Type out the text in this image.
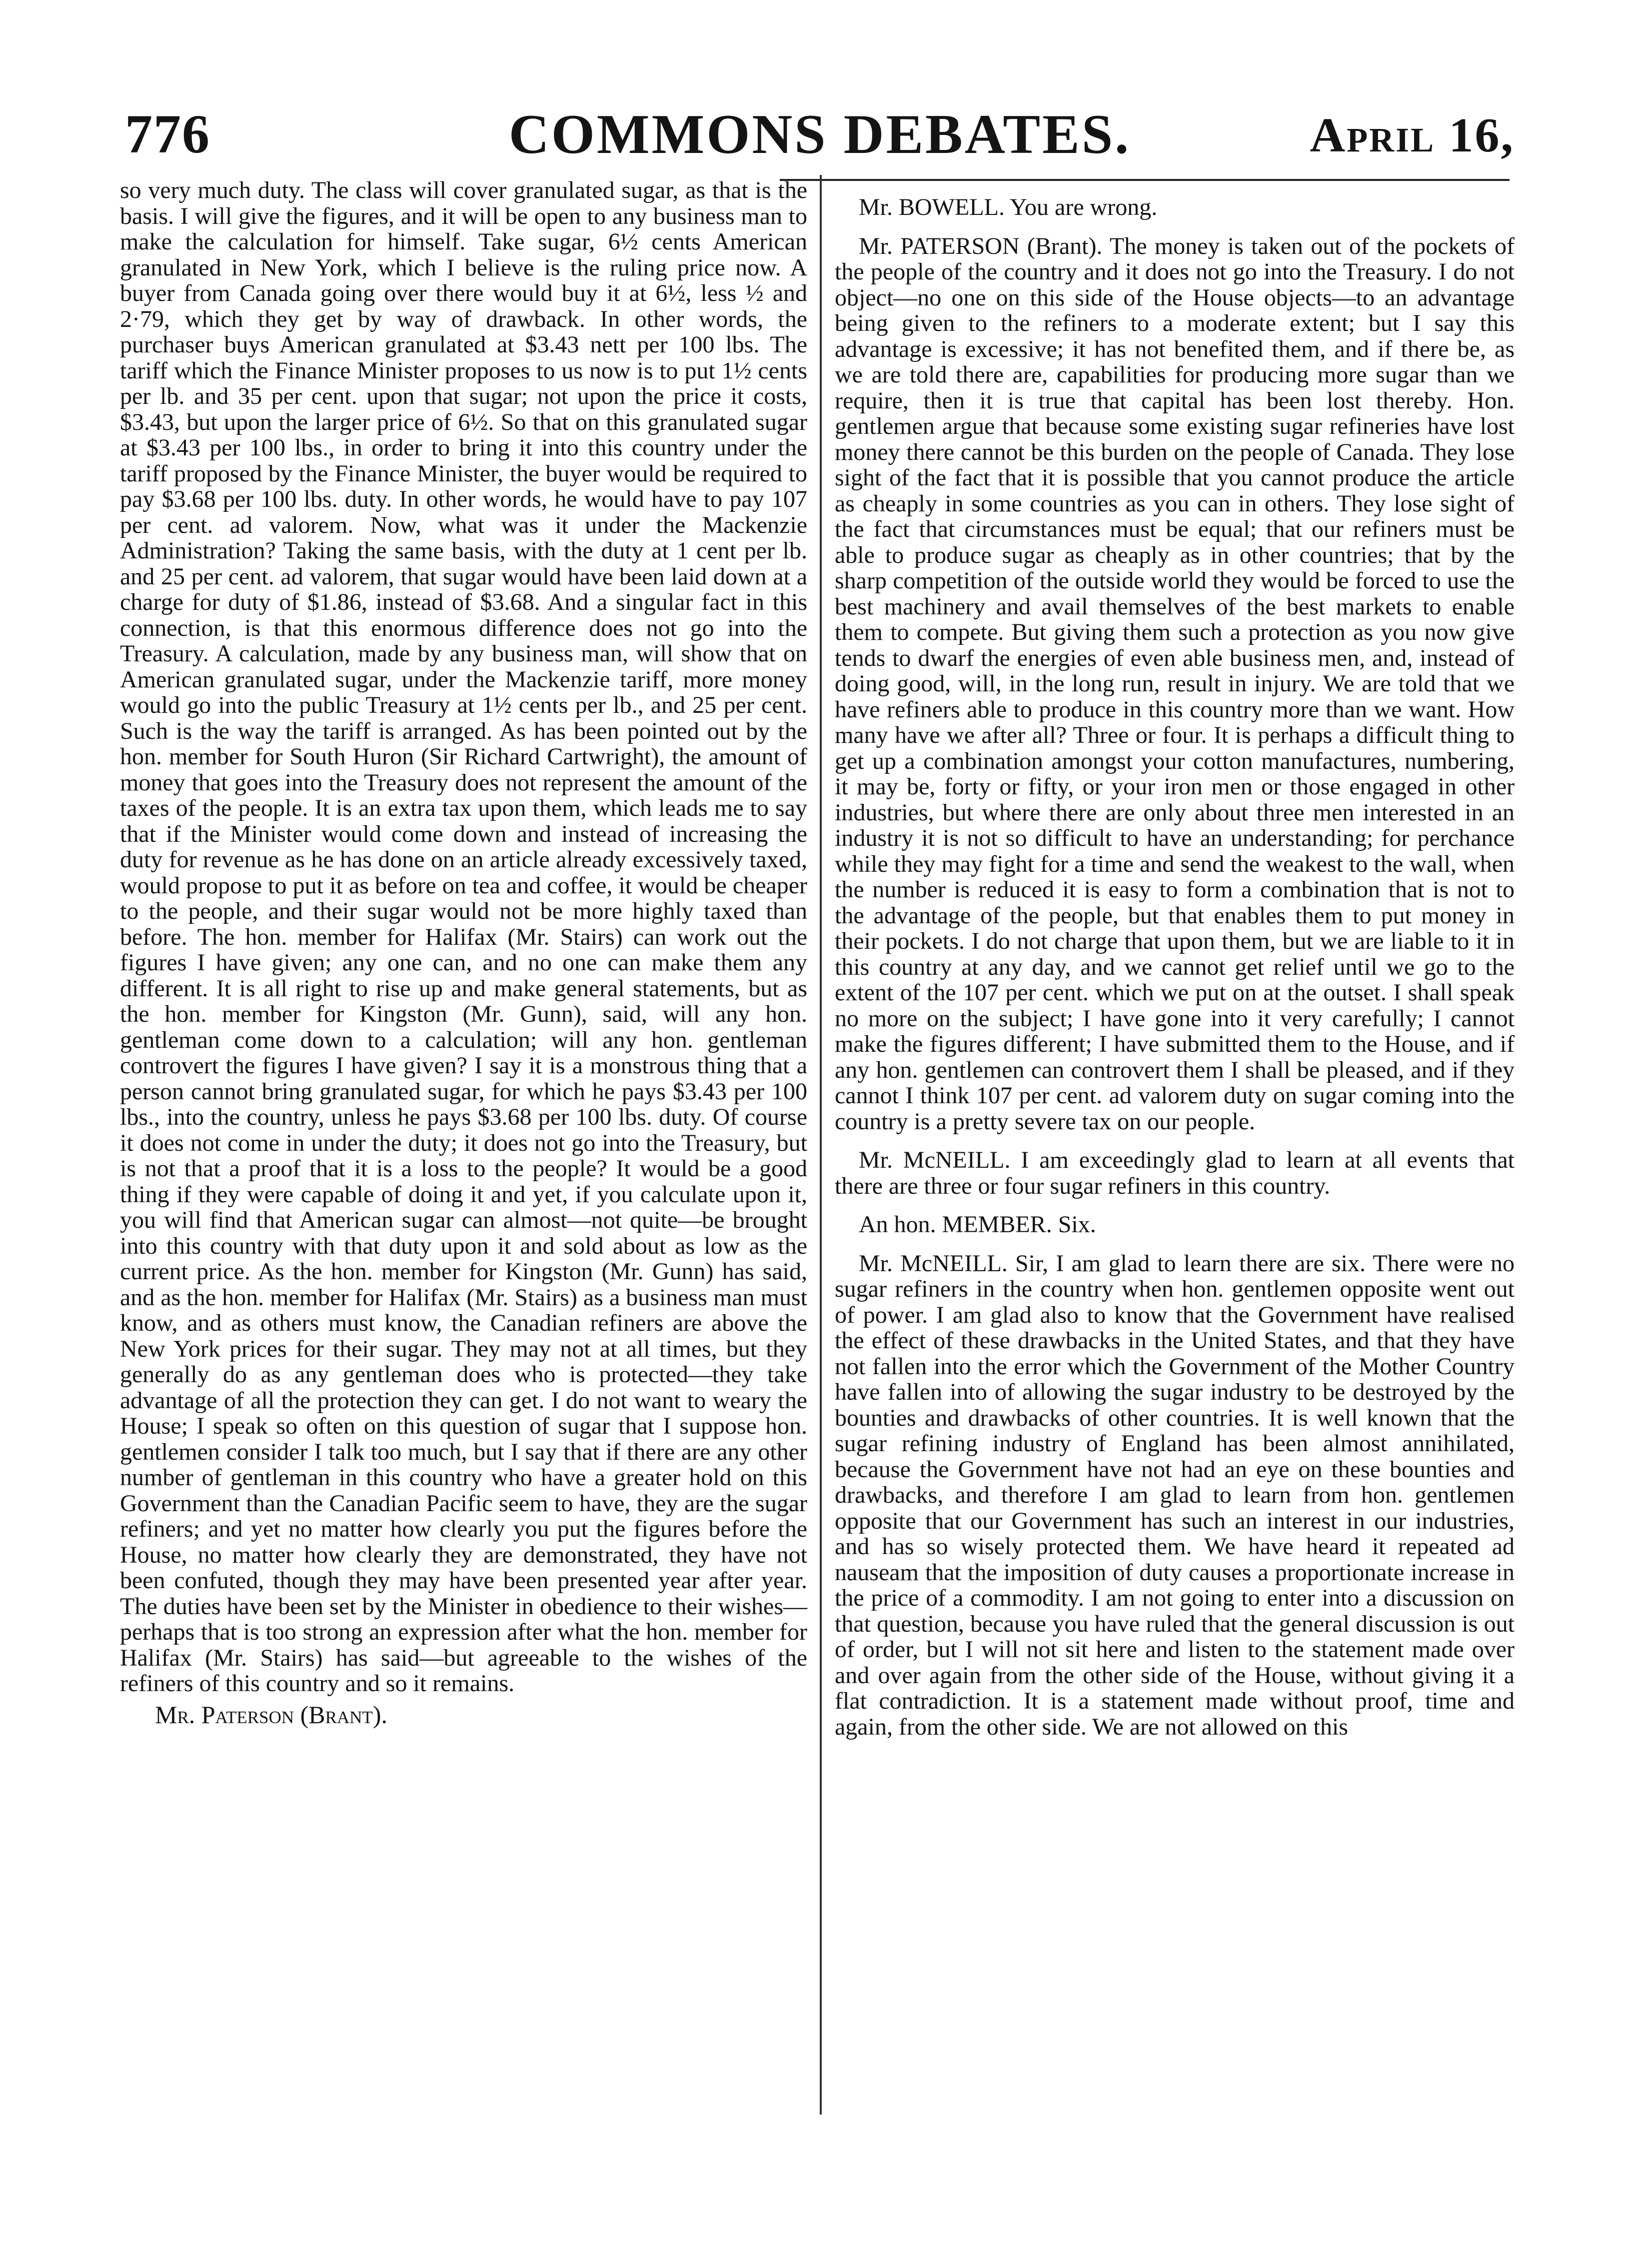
776	COMMONS DEBATES.	April 16,

so very much duty. The class will cover granulated sugar, as that is the basis. I will give the figures, and it will be open to any business man to make the calculation for himself. Take sugar, 6½ cents American granulated in New York, which I believe is the ruling price now. A buyer from Canada going over there would buy it at 6½, less ½ and 2·79, which they get by way of drawback. In other words, the purchaser buys American granulated at $3.43 nett per 100 lbs. The tariff which the Finance Minister proposes to us now is to put 1½ cents per lb. and 35 per cent. upon that sugar; not upon the price it costs, $3.43, but upon the larger price of 6½. So that on this granulated sugar at $3.43 per 100 lbs., in order to bring it into this country under the tariff proposed by the Finance Minister, the buyer would be required to pay $3.68 per 100 lbs. duty. In other words, he would have to pay 107 per cent. ad valorem. Now, what was it under the Mackenzie Administration? Taking the same basis, with the duty at 1 cent per lb. and 25 per cent. ad valorem, that sugar would have been laid down at a charge for duty of $1.86, instead of $3.68. And a singular fact in this connection, is that this enormous difference does not go into the Treasury. A calculation, made by any business man, will show that on American granulated sugar, under the Mackenzie tariff, more money would go into the public Treasury at 1½ cents per lb., and 25 per cent. Such is the way the tariff is arranged. As has been pointed out by the hon. member for South Huron (Sir Richard Cartwright), the amount of money that goes into the Treasury does not represent the amount of the taxes of the people. It is an extra tax upon them, which leads me to say that if the Minister would come down and instead of increasing the duty for revenue as he has done on an article already excessively taxed, would propose to put it as before on tea and coffee, it would be cheaper to the people, and their sugar would not be more highly taxed than before. The hon. member for Halifax (Mr. Stairs) can work out the figures I have given; any one can, and no one can make them any different. It is all right to rise up and make general statements, but as the hon. member for Kingston (Mr. Gunn), said, will any hon. gentleman come down to a calculation; will any hon. gentleman controvert the figures I have given? I say it is a monstrous thing that a person cannot bring granulated sugar, for which he pays $3.43 per 100 lbs., into the country, unless he pays $3.68 per 100 lbs. duty. Of course it does not come in under the duty; it does not go into the Treasury, but is not that a proof that it is a loss to the people? It would be a good thing if they were capable of doing it and yet, if you calculate upon it, you will find that American sugar can almost—not quite—be brought into this country with that duty upon it and sold about as low as the current price. As the hon. member for Kingston (Mr. Gunn) has said, and as the hon. member for Halifax (Mr. Stairs) as a business man must know, and as others must know, the Canadian refiners are above the New York prices for their sugar. They may not at all times, but they generally do as any gentleman does who is protected—they take advantage of all the protection they can get. I do not want to weary the House; I speak so often on this question of sugar that I suppose hon. gentlemen consider I talk too much, but I say that if there are any other number of gentleman in this country who have a greater hold on this Government than the Canadian Pacific seem to have, they are the sugar refiners; and yet no matter how clearly you put the figures before the House, no matter how clearly they are demonstrated, they have not been confuted, though they may have been presented year after year. The duties have been set by the Minister in obedience to their wishes—perhaps that is too strong an expression after what the hon. member for Halifax (Mr. Stairs) has said—but agreeable to the wishes of the refiners of this country and so it remains.

Mr. Paterson (Brant).

Mr. BOWELL. You are wrong.

Mr. PATERSON (Brant). The money is taken out of the pockets of the people of the country and it does not go into the Treasury. I do not object—no one on this side of the House objects—to an advantage being given to the refiners to a moderate extent; but I say this advantage is excessive; it has not benefited them, and if there be, as we are told there are, capabilities for producing more sugar than we require, then it is true that capital has been lost thereby. Hon. gentlemen argue that because some existing sugar refineries have lost money there cannot be this burden on the people of Canada. They lose sight of the fact that it is possible that you cannot produce the article as cheaply in some countries as you can in others. They lose sight of the fact that circumstances must be equal; that our refiners must be able to produce sugar as cheaply as in other countries; that by the sharp competition of the outside world they would be forced to use the best machinery and avail themselves of the best markets to enable them to compete. But giving them such a protection as you now give tends to dwarf the energies of even able business men, and, instead of doing good, will, in the long run, result in injury. We are told that we have refiners able to produce in this country more than we want. How many have we after all? Three or four. It is perhaps a difficult thing to get up a combination amongst your cotton manufactures, numbering, it may be, forty or fifty, or your iron men or those engaged in other industries, but where there are only about three men interested in an industry it is not so difficult to have an understanding; for perchance while they may fight for a time and send the weakest to the wall, when the number is reduced it is easy to form a combination that is not to the advantage of the people, but that enables them to put money in their pockets. I do not charge that upon them, but we are liable to it in this country at any day, and we cannot get relief until we go to the extent of the 107 per cent. which we put on at the outset. I shall speak no more on the subject; I have gone into it very carefully; I cannot make the figures different; I have submitted them to the House, and if any hon. gentlemen can controvert them I shall be pleased, and if they cannot I think 107 per cent. ad valorem duty on sugar coming into the country is a pretty severe tax on our people.

Mr. McNEILL. I am exceedingly glad to learn at all events that there are three or four sugar refiners in this country.

An hon. MEMBER. Six.

Mr. McNEILL. Sir, I am glad to learn there are six. There were no sugar refiners in the country when hon. gentlemen opposite went out of power. I am glad also to know that the Government have realised the effect of these drawbacks in the United States, and that they have not fallen into the error which the Government of the Mother Country have fallen into of allowing the sugar industry to be destroyed by the bounties and drawbacks of other countries. It is well known that the sugar refining industry of England has been almost annihilated, because the Government have not had an eye on these bounties and drawbacks, and therefore I am glad to learn from hon. gentlemen opposite that our Government has such an interest in our industries, and has so wisely protected them. We have heard it repeated ad nauseam that the imposition of duty causes a proportionate increase in the price of a commodity. I am not going to enter into a discussion on that question, because you have ruled that the general discussion is out of order, but I will not sit here and listen to the statement made over and over again from the other side of the House, without giving it a flat contradiction. It is a statement made without proof, time and again, from the other side. We are not allowed on this
